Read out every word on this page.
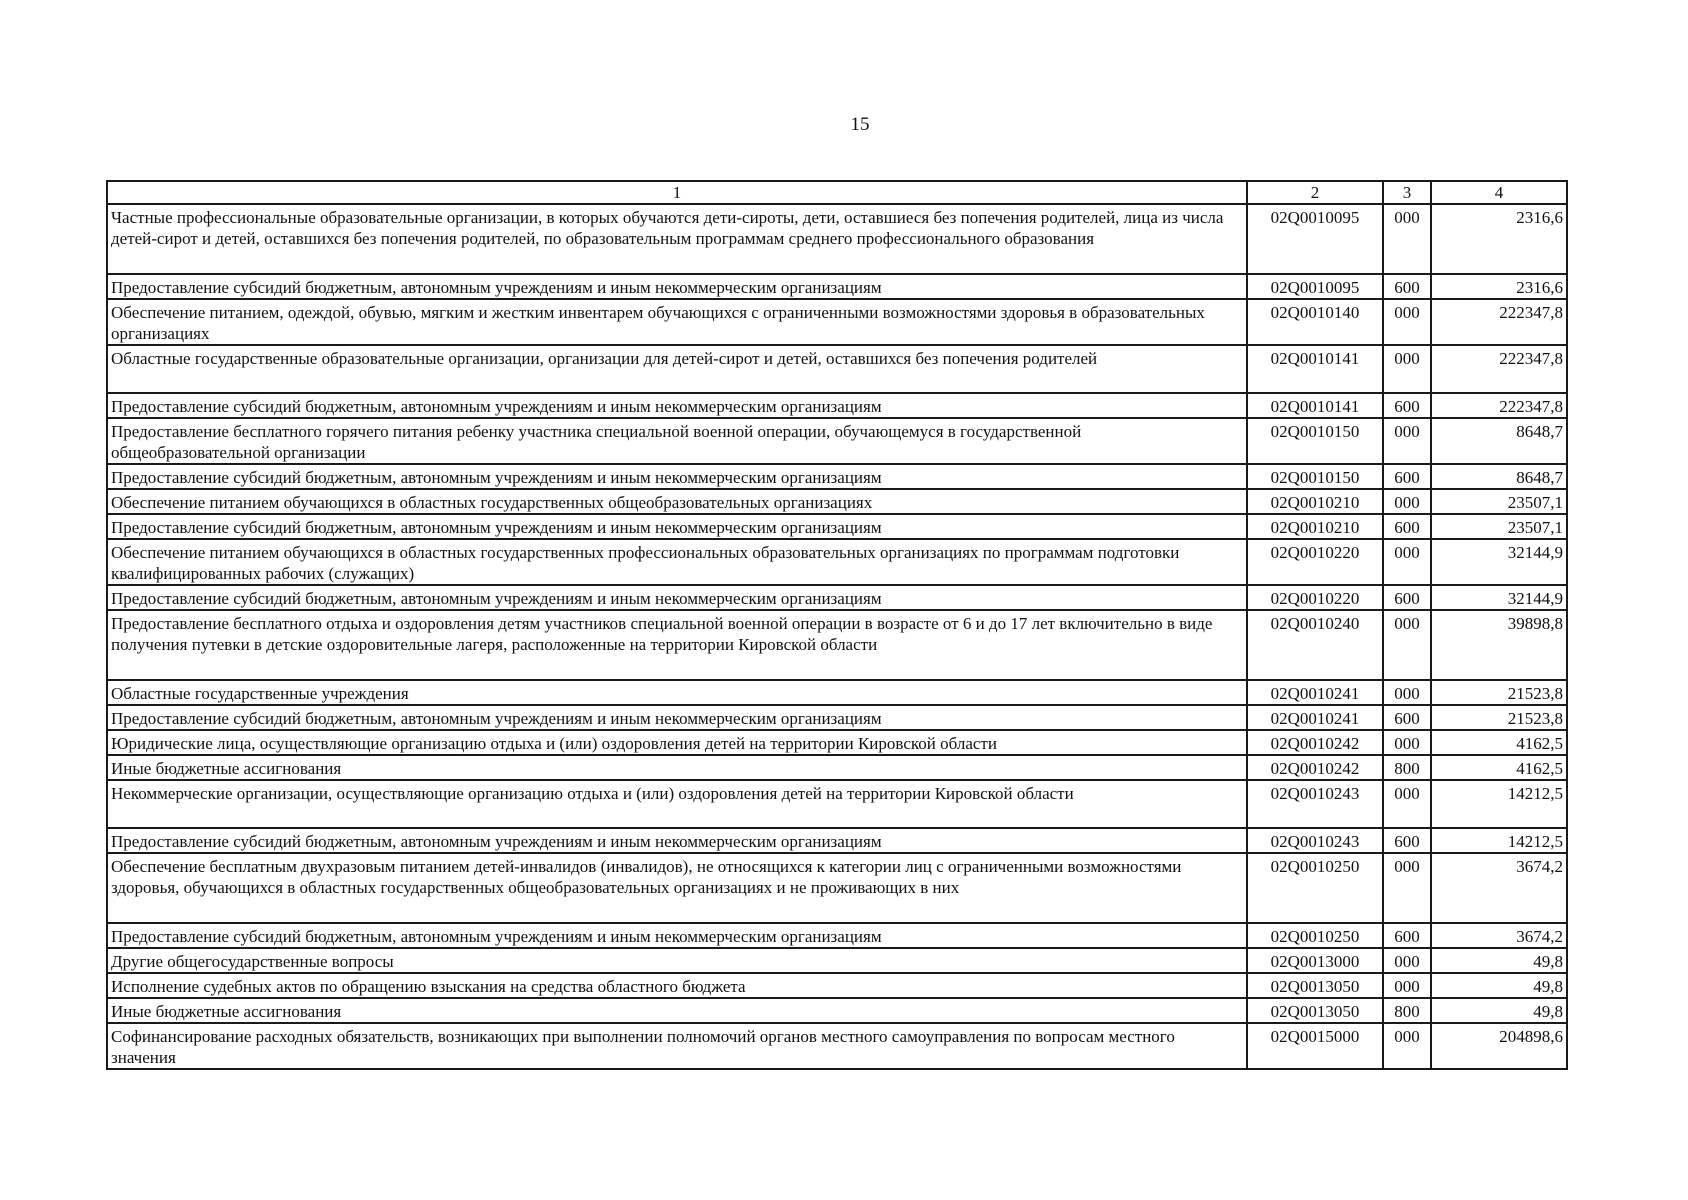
15
1	2	3	4
Частные профессиональные образовательные организации, в которых обучаются дети-сироты, дети, оставшиеся без попечения родителей, лица из числа детей-сирот и детей, оставшихся без попечения родителей, по образовательным программам среднего профессионального образования	02Q0010095	000	2316,6
Предоставление субсидий бюджетным, автономным учреждениям и иным некоммерческим организациям	02Q0010095	600	2316,6
Обеспечение питанием, одеждой, обувью, мягким и жестким инвентарем обучающихся с ограниченными возможностями здоровья в образовательных организациях	02Q0010140	000	222347,8
Областные государственные образовательные организации, организации для детей-сирот и детей, оставшихся без попечения родителей	02Q0010141	000	222347,8
Предоставление субсидий бюджетным, автономным учреждениям и иным некоммерческим организациям	02Q0010141	600	222347,8
Предоставление бесплатного горячего питания ребенку участника специальной военной операции, обучающемуся в государственной общеобразовательной организации	02Q0010150	000	8648,7
Предоставление субсидий бюджетным, автономным учреждениям и иным некоммерческим организациям	02Q0010150	600	8648,7
Обеспечение питанием обучающихся в областных государственных общеобразовательных организациях	02Q0010210	000	23507,1
Предоставление субсидий бюджетным, автономным учреждениям и иным некоммерческим организациям	02Q0010210	600	23507,1
Обеспечение питанием обучающихся в областных государственных профессиональных образовательных организациях по программам подготовки квалифицированных рабочих (служащих)	02Q0010220	000	32144,9
Предоставление субсидий бюджетным, автономным учреждениям и иным некоммерческим организациям	02Q0010220	600	32144,9
Предоставление бесплатного отдыха и оздоровления детям участников специальной военной операции в возрасте от 6 и до 17 лет включительно в виде получения путевки в детские оздоровительные лагеря, расположенные на территории Кировской области	02Q0010240	000	39898,8
Областные государственные учреждения	02Q0010241	000	21523,8
Предоставление субсидий бюджетным, автономным учреждениям и иным некоммерческим организациям	02Q0010241	600	21523,8
Юридические лица, осуществляющие организацию отдыха и (или) оздоровления детей на территории Кировской области	02Q0010242	000	4162,5
Иные бюджетные ассигнования	02Q0010242	800	4162,5
Некоммерческие организации, осуществляющие организацию отдыха и (или) оздоровления детей на территории Кировской области	02Q0010243	000	14212,5
Предоставление субсидий бюджетным, автономным учреждениям и иным некоммерческим организациям	02Q0010243	600	14212,5
Обеспечение бесплатным двухразовым питанием детей-инвалидов (инвалидов), не относящихся к категории лиц с ограниченными возможностями здоровья, обучающихся в областных государственных общеобразовательных организациях и не проживающих в них	02Q0010250	000	3674,2
Предоставление субсидий бюджетным, автономным учреждениям и иным некоммерческим организациям	02Q0010250	600	3674,2
Другие общегосударственные вопросы	02Q0013000	000	49,8
Исполнение судебных актов по обращению взыскания на средства областного бюджета	02Q0013050	000	49,8
Иные бюджетные ассигнования	02Q0013050	800	49,8
Софинансирование расходных обязательств, возникающих при выполнении полномочий органов местного самоуправления по вопросам местного значения	02Q0015000	000	204898,6
